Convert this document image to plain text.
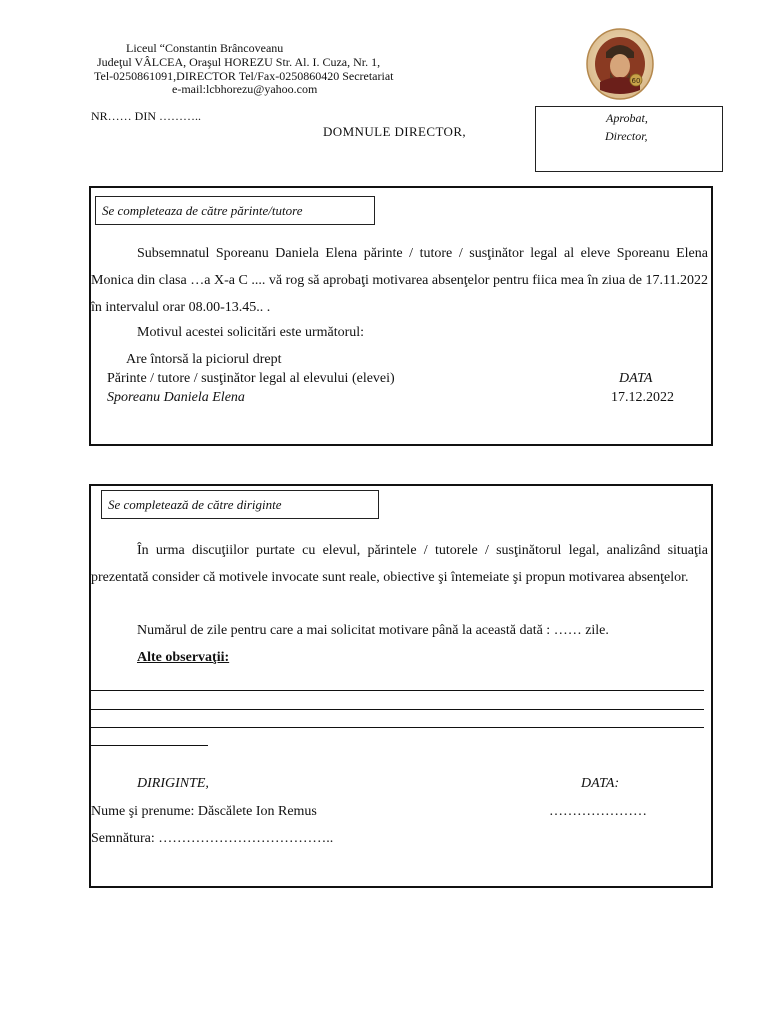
Liceul “Constantin Brâncoveanu
Judeţul VÂLCEA, Oraşul HOREZU Str. Al. I. Cuza, Nr. 1,
Tel-0250861091,DIRECTOR Tel/Fax-0250860420 Secretariat
e-mail:lcbhorezu@yahoo.com
60
NR…… DIN ………..
DOMNULE DIRECTOR,
Aprobat,
Director,
Se completeaza de către părinte/tutore
Subsemnatul Sporeanu Daniela Elena părinte / tutore / susţinător legal al eleve Sporeanu Elena Monica din clasa …a X-a C .... vă rog să aprobaţi motivarea absenţelor pentru fiica mea în ziua de 17.11.2022 în intervalul orar 08.00-13.45.. .
Motivul acestei solicitări este următorul:
Are întorsă la piciorul drept
Părinte / tutore / susţinător legal al elevului (elevei)	DATA
Sporeanu Daniela Elena	17.12.2022
Se completează de către diriginte
În urma discuţiilor purtate cu elevul, părintele / tutorele / susţinătorul legal, analizând situaţia prezentată consider că motivele invocate sunt reale, obiective şi întemeiate şi propun motivarea absenţelor.
Numărul de zile pentru care a mai solicitat motivare până la această dată : …… zile.
Alte observaţii:
DIRIGINTE,	DATA:
Nume şi prenume: Dăscălete Ion Remus	…………………
Semnătura: ………………………………..
